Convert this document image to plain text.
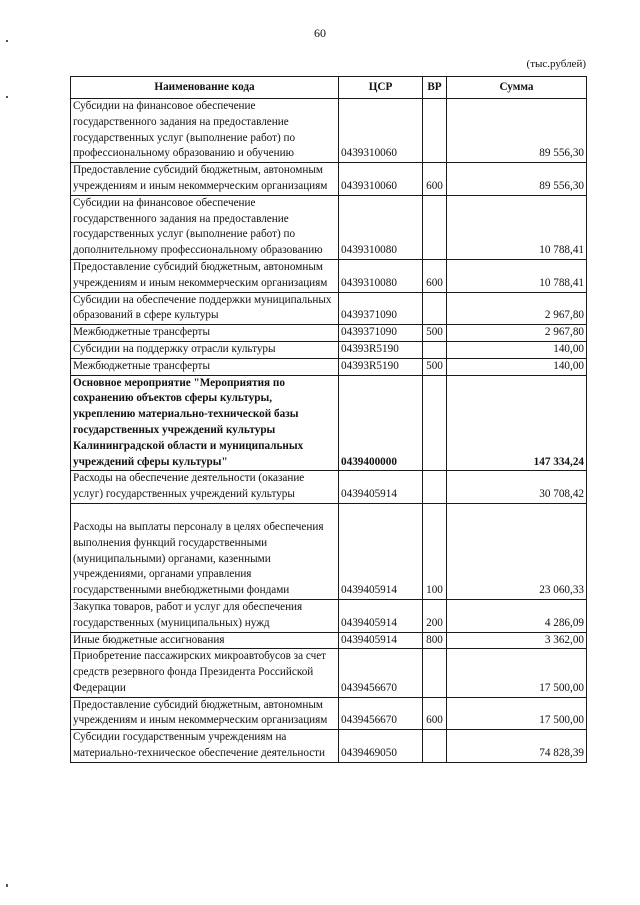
60
(тыс.рублей)
Наименование кода	ЦСР	ВР	Сумма
Субсидии на финансовое обеспечение государственного задания на предоставление государственных услуг (выполнение работ) по профессиональному образованию и обучению	0439310060		89 556,30
Предоставление субсидий бюджетным, автономным учреждениям и иным некоммерческим организациям	0439310060	600	89 556,30
Субсидии на финансовое обеспечение государственного задания на предоставление государственных услуг (выполнение работ) по дополнительному профессиональному образованию	0439310080		10 788,41
Предоставление субсидий бюджетным, автономным учреждениям и иным некоммерческим организациям	0439310080	600	10 788,41
Субсидии на обеспечение поддержки муниципальных образований в сфере культуры	0439371090		2 967,80
Межбюджетные трансферты	0439371090	500	2 967,80
Субсидии на поддержку отрасли культуры	04393R5190		140,00
Межбюджетные трансферты	04393R5190	500	140,00
Основное мероприятие "Мероприятия по сохранению объектов сферы культуры, укреплению материально-технической базы государственных учреждений культуры Калининградской области и муниципальных учреждений сферы культуры"	0439400000		147 334,24
Расходы на обеспечение деятельности (оказание услуг) государственных учреждений культуры	0439405914		30 708,42
Расходы на выплаты персоналу в целях обеспечения выполнения функций государственными (муниципальными) органами, казенными учреждениями, органами управления государственными внебюджетными фондами	0439405914	100	23 060,33
Закупка товаров, работ и услуг для обеспечения государственных (муниципальных) нужд	0439405914	200	4 286,09
Иные бюджетные ассигнования	0439405914	800	3 362,00
Приобретение пассажирских микроавтобусов за счет средств резервного фонда Президента Российской Федерации	0439456670		17 500,00
Предоставление субсидий бюджетным, автономным учреждениям и иным некоммерческим организациям	0439456670	600	17 500,00
Субсидии государственным учреждениям на материально-техническое обеспечение деятельности	0439469050		74 828,39
